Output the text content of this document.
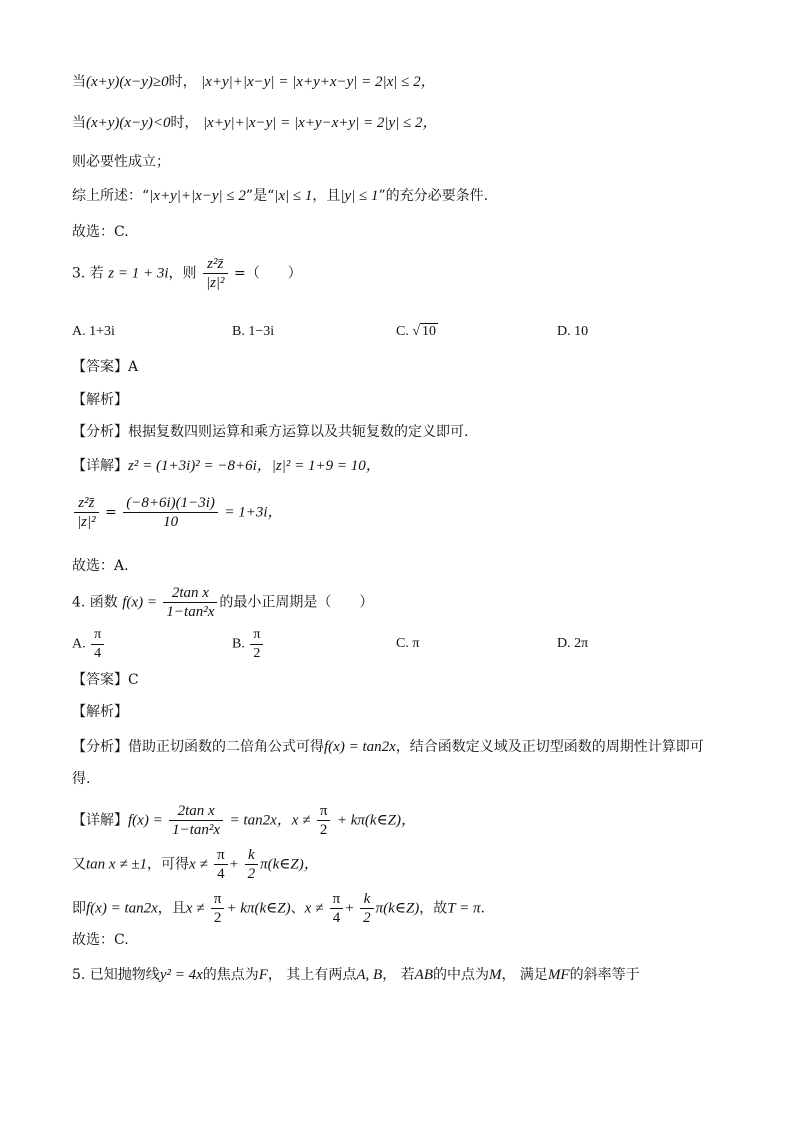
当(x+y)(x−y)≥0时， |x+y|+|x−y| = |x+y+x−y| = 2|x| ≤ 2，
当(x+y)(x−y)<0时， |x+y|+|x−y| = |x+y−x+y| = 2|y| ≤ 2，
则必要性成立；
综上所述：“|x+y|+|x−y| ≤ 2”是“|x| ≤ 1，且|y| ≤ 1”的充分必要条件.
故选：C.
3. 若 z = 1 + 3i，则 $\frac{\text{z²z̄}}{\text{|z|²}}$ =（　　）
A. 1+3i	B. 1−3i	C. √ 10	D. 10
【答案】A
【解析】
【分析】根据复数四则运算和乘方运算以及共轭复数的定义即可.
【详解】z² = (1+3i)² = −8+6i，|z|² = 1+9 = 10，
$\frac{\text{z²z̄}}{\text{|z|²}} = \frac{(-8+6i)(1-3i)}{10} = 1+3i$，
故选：A.
4. 函数 $f(x) = \frac{\text{2tan x}}{\text{1−tan²x}}$ 的最小正周期是（　　）
A. $\frac{\pi}{4}$	B. $\frac{\pi}{2}$	C. π	D. 2π
【答案】C
【解析】
【分析】借助正切函数的二倍角公式可得f(x) = tan2x，结合函数定义域及正切型函数的周期性计算即可
得.
【详解】$f(x) = \frac{\text{2tan x}}{\text{1−tan²x}} = \tan 2x$，$x \ne \frac{\pi}{2}$ + kπ(k∈Z)，
又tan x ≠ ±1，可得$x \ne \frac{\pi}{4} + \frac{k}{2}$ π(k∈Z)，
即f(x) = tan2x，且$x \ne \frac{\pi}{2}$ + kπ(k∈Z)、$x \ne \frac{\pi}{4} + \frac{k}{2}$ π(k∈Z)，故T = π.
故选：C.
5. 已知抛物线y² = 4x的焦点为F， 其上有两点A, B， 若AB的中点为M， 满足MF的斜率等于
